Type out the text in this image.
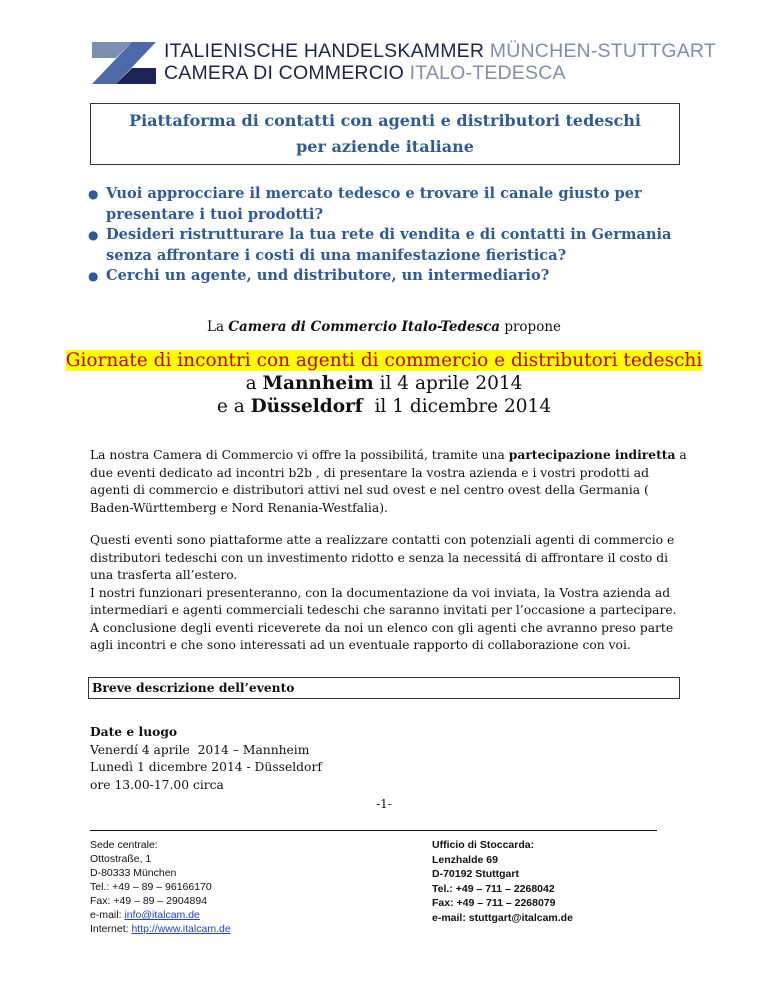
ITALIENISCHE HANDELSKAMMER MÜNCHEN-STUTTGART
CAMERA DI COMMERCIO ITALO-TEDESCA
Piattaforma di contatti con agenti e distributori tedeschi
per aziende italiane
● Vuoi approcciare il mercato tedesco e trovare il canale giusto per presentare i tuoi prodotti?
● Desideri ristrutturare la tua rete di vendita e di contatti in Germania senza affrontare i costi di una manifestazione fieristica?
● Cerchi un agente, und distributore, un intermediario?
La Camera di Commercio Italo-Tedesca propone
Giornate di incontri con agenti di commercio e distributori tedeschi
a Mannheim il 4 aprile 2014
e a Düsseldorf  il 1 dicembre 2014
La nostra Camera di Commercio vi offre la possibilitá, tramite una partecipazione indiretta a due eventi dedicato ad incontri b2b , di presentare la vostra azienda e i vostri prodotti ad agenti di commercio e distributori attivi nel sud ovest e nel centro ovest della Germania ( Baden-Württemberg e Nord Renania-Westfalia).
Questi eventi sono piattaforme atte a realizzare contatti con potenziali agenti di commercio e distributori tedeschi con un investimento ridotto e senza la necessitá di affrontare il costo di una trasferta all’estero.
I nostri funzionari presenteranno, con la documentazione da voi inviata, la Vostra azienda ad intermediari e agenti commerciali tedeschi che saranno invitati per l’occasione a partecipare.
A conclusione degli eventi riceverete da noi un elenco con gli agenti che avranno preso parte agli incontri e che sono interessati ad un eventuale rapporto di collaborazione con voi.
Breve descrizione dell’evento
Date e luogo
Venerdí 4 aprile  2014 – Mannheim
Lunedì 1 dicembre 2014 - Düsseldorf
ore 13.00-17.00 circa
-1-
Sede centrale:
Ottostraße, 1
D-80333 München
Tel.: +49 – 89 – 96166170
Fax: +49 – 89 – 2904894
e-mail: info@italcam.de
Internet: http://www.italcam.de
Ufficio di Stoccarda:
Lenzhalde 69
D-70192 Stuttgart
Tel.: +49 – 711 – 2268042
Fax: +49 – 711 – 2268079
e-mail: stuttgart@italcam.de
